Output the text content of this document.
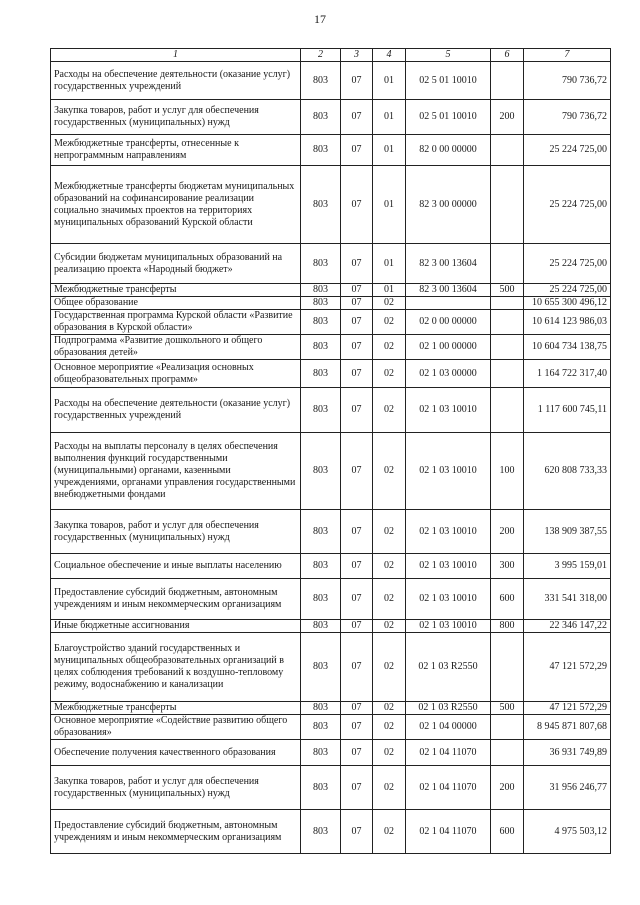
17
1	2	3	4	5	6	7
Расходы на обеспечение деятельности (оказание услуг) государственных учреждений	803	07	01	02 5 01 10010		790 736,72
Закупка товаров, работ и услуг для обеспечения государственных (муниципальных) нужд	803	07	01	02 5 01 10010	200	790 736,72
Межбюджетные трансферты, отнесенные к непрограммным направлениям	803	07	01	82 0 00 00000		25 224 725,00
Межбюджетные трансферты бюджетам муниципальных образований на софинансирование реализации социально значимых проектов на территориях муниципальных образований Курской области	803	07	01	82 3 00 00000		25 224 725,00
Субсидии бюджетам муниципальных образований на реализацию проекта «Народный бюджет»	803	07	01	82 3 00 13604		25 224 725,00
Межбюджетные трансферты	803	07	01	82 3 00 13604	500	25 224 725,00
Общее образование	803	07	02			10 655 300 496,12
Государственная программа Курской области «Развитие образования в Курской области»	803	07	02	02 0 00 00000		10 614 123 986,03
Подпрограмма «Развитие дошкольного и общего образования детей»	803	07	02	02 1 00 00000		10 604 734 138,75
Основное мероприятие «Реализация основных общеобразовательных программ»	803	07	02	02 1 03 00000		1 164 722 317,40
Расходы на обеспечение деятельности (оказание услуг) государственных учреждений	803	07	02	02 1 03 10010		1 117 600 745,11
Расходы на выплаты персоналу в целях обеспечения выполнения функций государственными (муниципальными) органами, казенными учреждениями, органами управления государственными внебюджетными фондами	803	07	02	02 1 03 10010	100	620 808 733,33
Закупка товаров, работ и услуг для обеспечения государственных (муниципальных) нужд	803	07	02	02 1 03 10010	200	138 909 387,55
Социальное обеспечение и иные выплаты населению	803	07	02	02 1 03 10010	300	3 995 159,01
Предоставление субсидий бюджетным, автономным учреждениям и иным некоммерческим организациям	803	07	02	02 1 03 10010	600	331 541 318,00
Иные бюджетные ассигнования	803	07	02	02 1 03 10010	800	22 346 147,22
Благоустройство зданий государственных и муниципальных общеобразовательных организаций в целях соблюдения требований к воздушно-тепловому режиму, водоснабжению и канализации	803	07	02	02 1 03 R2550		47 121 572,29
Межбюджетные трансферты	803	07	02	02 1 03 R2550	500	47 121 572,29
Основное мероприятие «Содействие развитию общего образования»	803	07	02	02 1 04 00000		8 945 871 807,68
Обеспечение получения качественного образования	803	07	02	02 1 04 11070		36 931 749,89
Закупка товаров, работ и услуг для обеспечения государственных (муниципальных) нужд	803	07	02	02 1 04 11070	200	31 956 246,77
Предоставление субсидий бюджетным, автономным учреждениям и иным некоммерческим организациям	803	07	02	02 1 04 11070	600	4 975 503,12
